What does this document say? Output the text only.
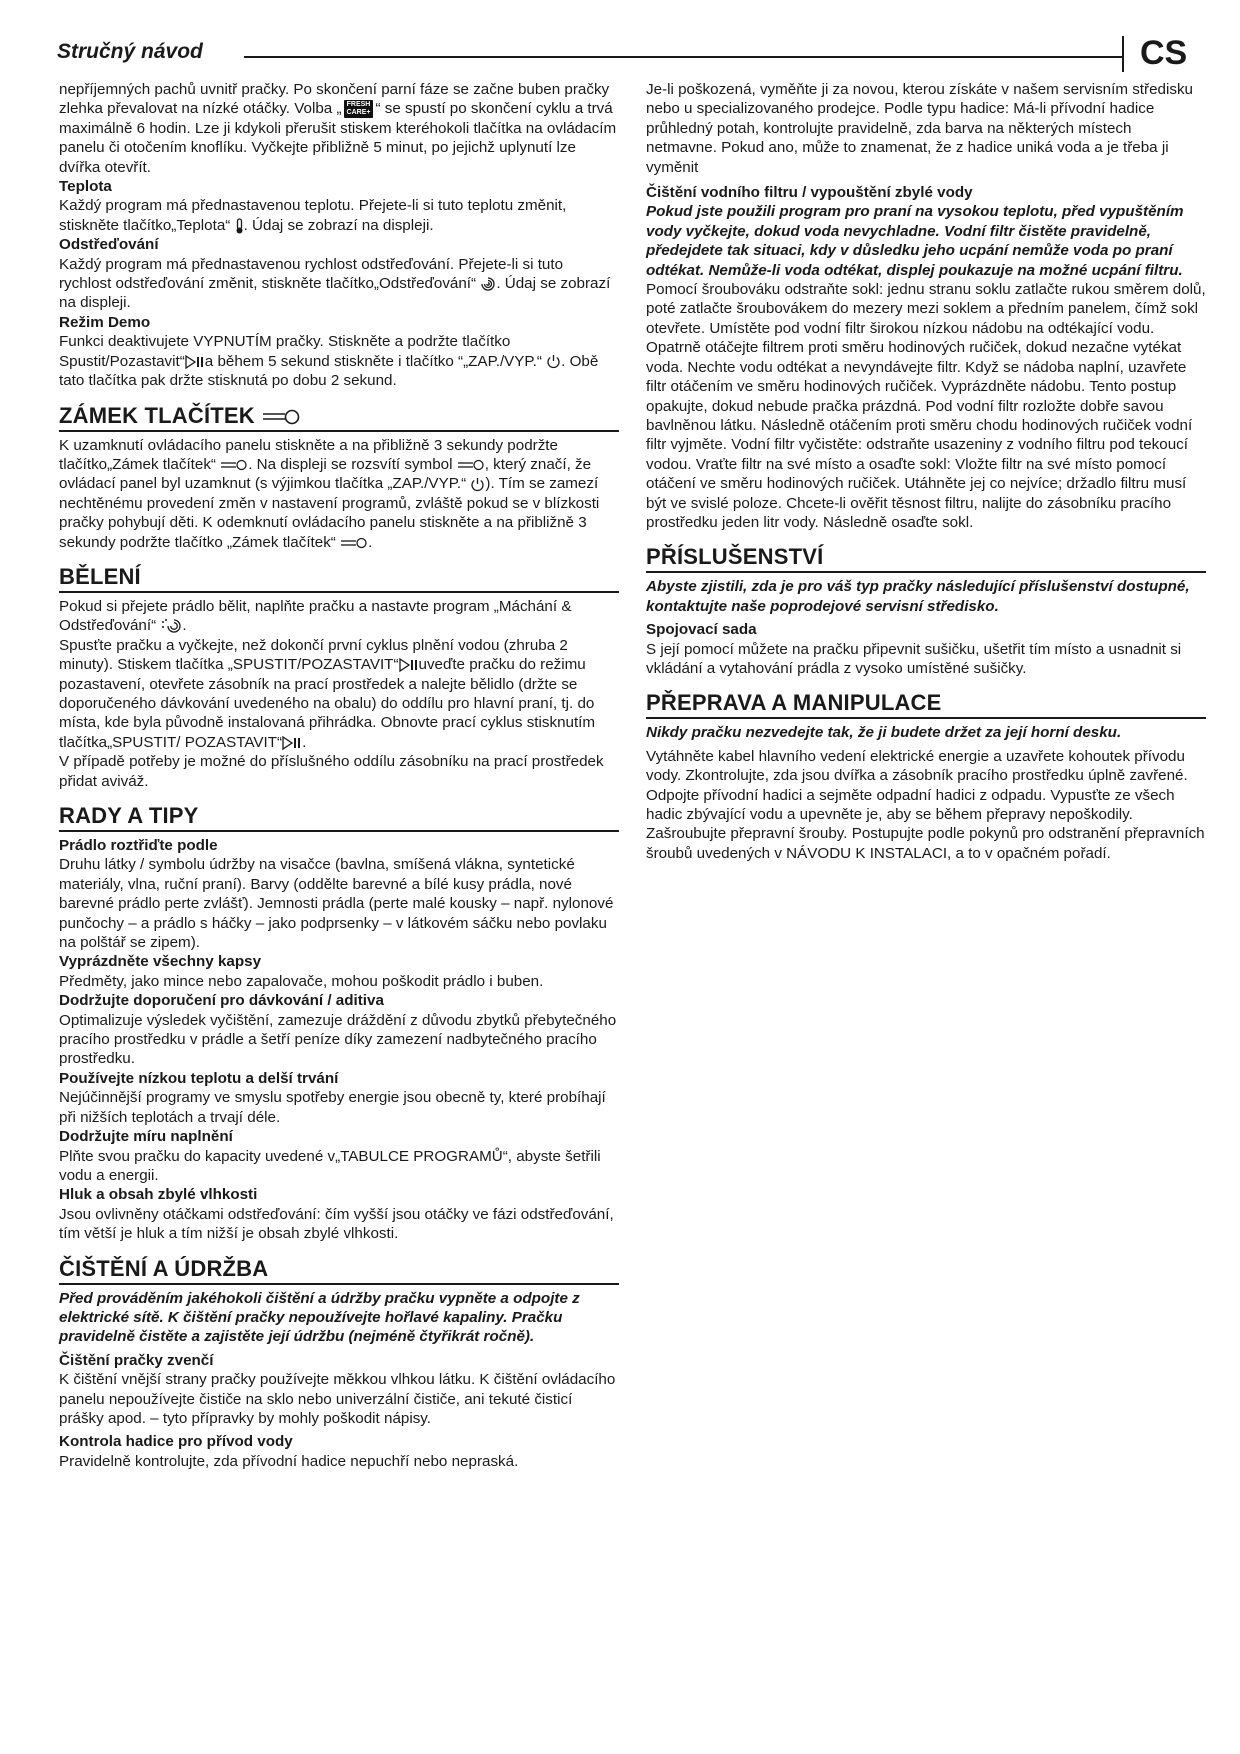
Stručný návod	CS

nepříjemných pachů uvnitř pračky. Po skončení parní fáze se začne buben pračky zlehka převalovat na nízké otáčky. Volba „ FRESH
CARE+ “ se spustí po skončení cyklu a trvá maximálně 6 hodin. Lze ji kdykoli přerušit stiskem kteréhokoli tlačítka na ovládacím panelu či otočením knoflíku. Vyčkejte přibližně 5 minut, po jejichž uplynutí lze dvířka otevřít.

Teplota

Každý program má přednastavenou teplotu. Přejete-li si tuto teplotu změnit, stiskněte tlačítko„Teplota“ . Údaj se zobrazí na displeji.

Odstřeďování

Každý program má přednastavenou rychlost odstřeďování. Přejete-li si tuto rychlost odstřeďování změnit, stiskněte tlačítko„Odstřeďování“ . Údaj se zobrazí na displeji.

Režim Demo

Funkci deaktivujete VYPNUTÍM pračky. Stiskněte a podržte tlačítko Spustit/Pozastavit“ a během 5 sekund stiskněte i tlačítko “„ZAP./VYP.“ . Obě tato tlačítka pak držte stisknutá po dobu 2 sekund.

ZÁMEK TLAČÍTEK

K uzamknutí ovládacího panelu stiskněte a na přibližně 3 sekundy podržte tlačítko„Zámek tlačítek“ . Na displeji se rozsvítí symbol , který značí, že ovládací panel byl uzamknut (s výjimkou tlačítka „ZAP./VYP.“ ). Tím se zamezí nechtěnému provedení změn v nastavení programů, zvláště pokud se v blízkosti pračky pohybují děti. K odemknutí ovládacího panelu stiskněte a na přibližně 3 sekundy podržte tlačítko „Zámek tlačítek“ .

BĚLENÍ

Pokud si přejete prádlo bělit, naplňte pračku a nastavte program „Máchání & Odstřeďování“ .

Spusťte pračku a vyčkejte, než dokončí první cyklus plnění vodou (zhruba 2 minuty). Stiskem tlačítka „SPUSTIT/POZASTAVIT“ uveďte pračku do režimu pozastavení, otevřete zásobník na prací prostředek a nalejte bělidlo (držte se doporučeného dávkování uvedeného na obalu) do oddílu pro hlavní praní, tj. do místa, kde byla původně instalovaná přihrádka. Obnovte prací cyklus stisknutím tlačítka„SPUSTIT/ POZASTAVIT“ .

V případě potřeby je možné do příslušného oddílu zásobníku na prací prostředek přidat aviváž.

RADY A TIPY

Prádlo roztřiďte podle

Druhu látky / symbolu údržby na visačce (bavlna, smíšená vlákna, syntetické materiály, vlna, ruční praní). Barvy (oddělte barevné a bílé kusy prádla, nové barevné prádlo perte zvlášť). Jemnosti prádla (perte malé kousky – např. nylonové punčochy – a prádlo s háčky – jako podprsenky – v látkovém sáčku nebo povlaku na polštář se zipem).

Vyprázdněte všechny kapsy

Předměty, jako mince nebo zapalovače, mohou poškodit prádlo i buben.

Dodržujte doporučení pro dávkování / aditiva

Optimalizuje výsledek vyčištění, zamezuje dráždění z důvodu zbytků přebytečného pracího prostředku v prádle a šetří peníze díky zamezení nadbytečného pracího prostředku.

Používejte nízkou teplotu a delší trvání

Nejúčinnější programy ve smyslu spotřeby energie jsou obecně ty, které probíhají při nižších teplotách a trvají déle.

Dodržujte míru naplnění

Plňte svou pračku do kapacity uvedené v„TABULCE PROGRAMŮ“, abyste šetřili vodu a energii.

Hluk a obsah zbylé vlhkosti

Jsou ovlivněny otáčkami odstřeďování: čím vyšší jsou otáčky ve fázi odstřeďování, tím větší je hluk a tím nižší je obsah zbylé vlhkosti.

ČIŠTĚNÍ A ÚDRŽBA

Před prováděním jakéhokoli čištění a údržby pračku vypněte a odpojte z elektrické sítě. K čištění pračky nepoužívejte hořlavé kapaliny. Pračku pravidelně čistěte a zajistěte její údržbu (nejméně čtyřikrát ročně).

Čištění pračky zvenčí

K čištění vnější strany pračky používejte měkkou vlhkou látku. K čištění ovládacího panelu nepoužívejte čističe na sklo nebo univerzální čističe, ani tekuté čisticí prášky apod. – tyto přípravky by mohly poškodit nápisy.

Kontrola hadice pro přívod vody

Pravidelně kontrolujte, zda přívodní hadice nepuchří nebo nepraská.

Je-li poškozená, vyměňte ji za novou, kterou získáte v našem servisním středisku nebo u specializovaného prodejce. Podle typu hadice: Má-li přívodní hadice průhledný potah, kontrolujte pravidelně, zda barva na některých místech netmavne. Pokud ano, může to znamenat, že z hadice uniká voda a je třeba ji vyměnit

Čištění vodního filtru / vypouštění zbylé vody

Pokud jste použili program pro praní na vysokou teplotu, před vypuštěním vody vyčkejte, dokud voda nevychladne. Vodní filtr čistěte pravidelně, předejdete tak situaci, kdy v důsledku jeho ucpání nemůže voda po praní odtékat. Nemůže-li voda odtékat, displej poukazuje na možné ucpání filtru.

Pomocí šroubováku odstraňte sokl: jednu stranu soklu zatlačte rukou směrem dolů, poté zatlačte šroubovákem do mezery mezi soklem a předním panelem, čímž sokl otevřete. Umístěte pod vodní filtr širokou nízkou nádobu na odtékající vodu. Opatrně otáčejte filtrem proti směru hodinových ručiček, dokud nezačne vytékat voda. Nechte vodu odtékat a nevyndávejte filtr. Když se nádoba naplní, uzavřete filtr otáčením ve směru hodinových ručiček. Vyprázdněte nádobu. Tento postup opakujte, dokud nebude pračka prázdná. Pod vodní filtr rozložte dobře savou bavlněnou látku. Následně otáčením proti směru chodu hodinových ručiček vodní filtr vyjměte. Vodní filtr vyčistěte: odstraňte usazeniny z vodního filtru pod tekoucí vodou. Vraťte filtr na své místo a osaďte sokl: Vložte filtr na své místo pomocí otáčení ve směru hodinových ručiček. Utáhněte jej co nejvíce; držadlo filtru musí být ve svislé poloze. Chcete-li ověřit těsnost filtru, nalijte do zásobníku pracího prostředku jeden litr vody. Následně osaďte sokl.

PŘÍSLUŠENSTVÍ

Abyste zjistili, zda je pro váš typ pračky následující příslušenství dostupné, kontaktujte naše poprodejové servisní středisko.

Spojovací sada

S její pomocí můžete na pračku připevnit sušičku, ušetřit tím místo a usnadnit si vkládání a vytahování prádla z vysoko umístěné sušičky.

PŘEPRAVA A MANIPULACE

Nikdy pračku nezvedejte tak, že ji budete držet za její horní desku.

Vytáhněte kabel hlavního vedení elektrické energie a uzavřete kohoutek přívodu vody. Zkontrolujte, zda jsou dvířka a zásobník pracího prostředku úplně zavřené. Odpojte přívodní hadici a sejměte odpadní hadici z odpadu. Vypusťte ze všech hadic zbývající vodu a upevněte je, aby se během přepravy nepoškodily. Zašroubujte přepravní šrouby. Postupujte podle pokynů pro odstranění přepravních šroubů uvedených v NÁVODU K INSTALACI, a to v opačném pořadí.
